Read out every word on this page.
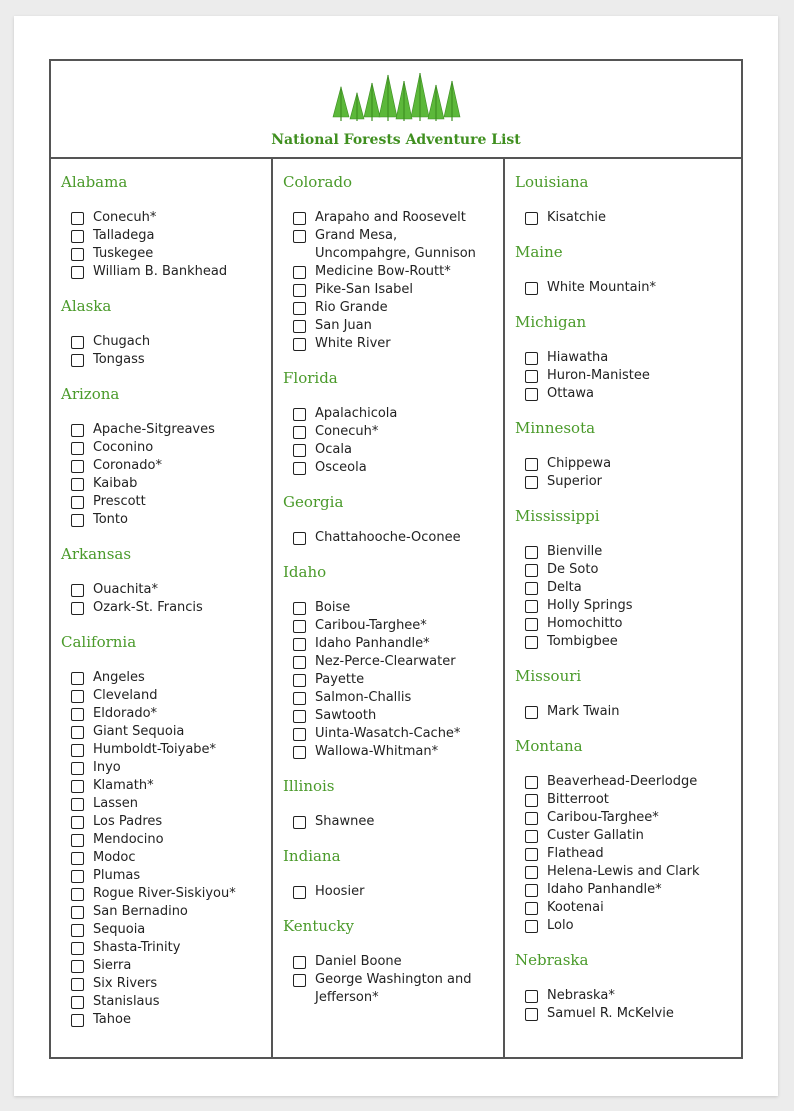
National Forests Adventure List
Alabama
Conecuh*
Talladega
Tuskegee
William B. Bankhead
Alaska
Chugach
Tongass
Arizona
Apache-Sitgreaves
Coconino
Coronado*
Kaibab
Prescott
Tonto
Arkansas
Ouachita*
Ozark-St. Francis
California
Angeles
Cleveland
Eldorado*
Giant Sequoia
Humboldt-Toiyabe*
Inyo
Klamath*
Lassen
Los Padres
Mendocino
Modoc
Plumas
Rogue River-Siskiyou*
San Bernadino
Sequoia
Shasta-Trinity
Sierra
Six Rivers
Stanislaus
Tahoe
Colorado
Arapaho and Roosevelt
Grand Mesa, Uncompahgre, Gunnison
Medicine Bow-Routt*
Pike-San Isabel
Rio Grande
San Juan
White River
Florida
Apalachicola
Conecuh*
Ocala
Osceola
Georgia
Chattahooche-Oconee
Idaho
Boise
Caribou-Targhee*
Idaho Panhandle*
Nez-Perce-Clearwater
Payette
Salmon-Challis
Sawtooth
Uinta-Wasatch-Cache*
Wallowa-Whitman*
Illinois
Shawnee
Indiana
Hoosier
Kentucky
Daniel Boone
George Washington and Jefferson*
Louisiana
Kisatchie
Maine
White Mountain*
Michigan
Hiawatha
Huron-Manistee
Ottawa
Minnesota
Chippewa
Superior
Mississippi
Bienville
De Soto
Delta
Holly Springs
Homochitto
Tombigbee
Missouri
Mark Twain
Montana
Beaverhead-Deerlodge
Bitterroot
Caribou-Targhee*
Custer Gallatin
Flathead
Helena-Lewis and Clark
Idaho Panhandle*
Kootenai
Lolo
Nebraska
Nebraska*
Samuel R. McKelvie
